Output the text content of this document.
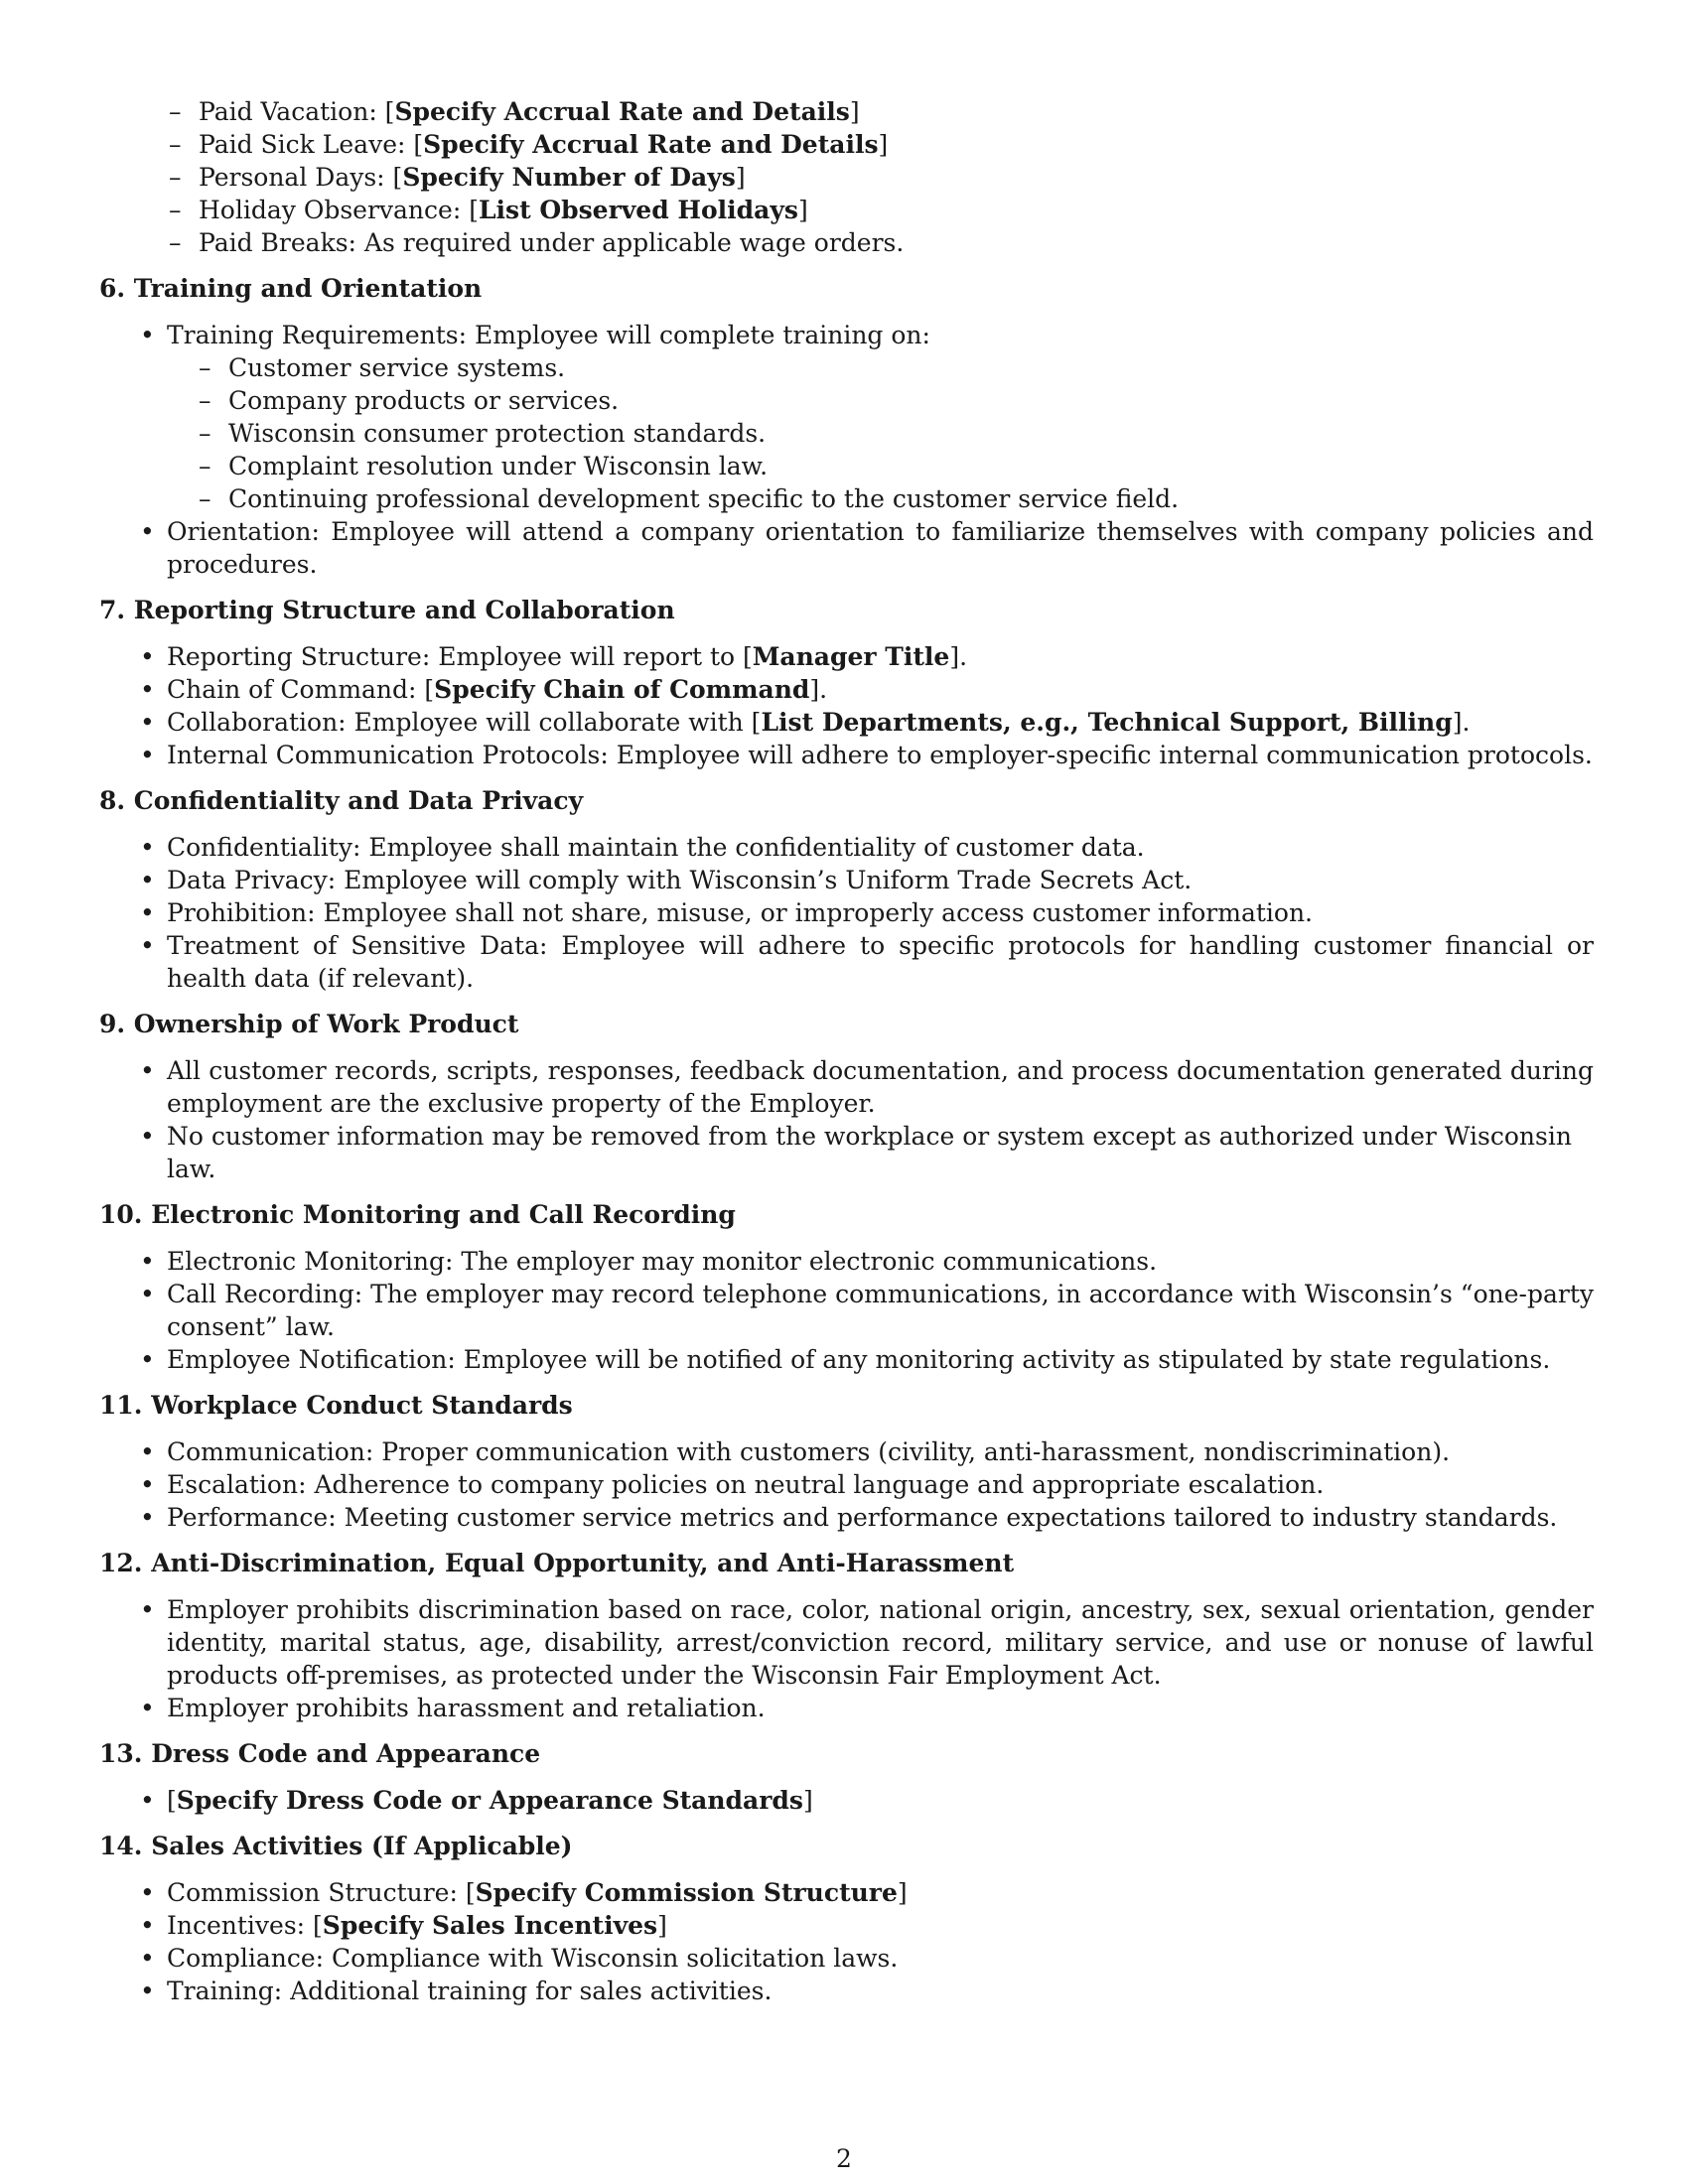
– Paid Vacation: [Specify Accrual Rate and Details]
– Paid Sick Leave: [Specify Accrual Rate and Details]
– Personal Days: [Specify Number of Days]
– Holiday Observance: [List Observed Holidays]
– Paid Breaks: As required under applicable wage orders.
6. Training and Orientation
• Training Requirements: Employee will complete training on:
– Customer service systems.
– Company products or services.
– Wisconsin consumer protection standards.
– Complaint resolution under Wisconsin law.
– Continuing professional development specific to the customer service field.
• Orientation: Employee will attend a company orientation to familiarize themselves with company policies and procedures.
7. Reporting Structure and Collaboration
• Reporting Structure: Employee will report to [Manager Title].
• Chain of Command: [Specify Chain of Command].
• Collaboration: Employee will collaborate with [List Departments, e.g., Technical Support, Billing].
• Internal Communication Protocols: Employee will adhere to employer-specific internal communication protocols.
8. Confidentiality and Data Privacy
• Confidentiality: Employee shall maintain the confidentiality of customer data.
• Data Privacy: Employee will comply with Wisconsin’s Uniform Trade Secrets Act.
• Prohibition: Employee shall not share, misuse, or improperly access customer information.
• Treatment of Sensitive Data: Employee will adhere to specific protocols for handling customer financial or health data (if relevant).
9. Ownership of Work Product
• All customer records, scripts, responses, feedback documentation, and process documentation generated during employment are the exclusive property of the Employer.
• No customer information may be removed from the workplace or system except as authorized under Wisconsin law.
10. Electronic Monitoring and Call Recording
• Electronic Monitoring: The employer may monitor electronic communications.
• Call Recording: The employer may record telephone communications, in accordance with Wisconsin’s “one-party consent” law.
• Employee Notification: Employee will be notified of any monitoring activity as stipulated by state regulations.
11. Workplace Conduct Standards
• Communication: Proper communication with customers (civility, anti-harassment, nondiscrimination).
• Escalation: Adherence to company policies on neutral language and appropriate escalation.
• Performance: Meeting customer service metrics and performance expectations tailored to industry standards.
12. Anti-Discrimination, Equal Opportunity, and Anti-Harassment
• Employer prohibits discrimination based on race, color, national origin, ancestry, sex, sexual orientation, gender identity, marital status, age, disability, arrest/conviction record, military service, and use or nonuse of lawful products off-premises, as protected under the Wisconsin Fair Employment Act.
• Employer prohibits harassment and retaliation.
13. Dress Code and Appearance
• [Specify Dress Code or Appearance Standards]
14. Sales Activities (If Applicable)
• Commission Structure: [Specify Commission Structure]
• Incentives: [Specify Sales Incentives]
• Compliance: Compliance with Wisconsin solicitation laws.
• Training: Additional training for sales activities.
2
